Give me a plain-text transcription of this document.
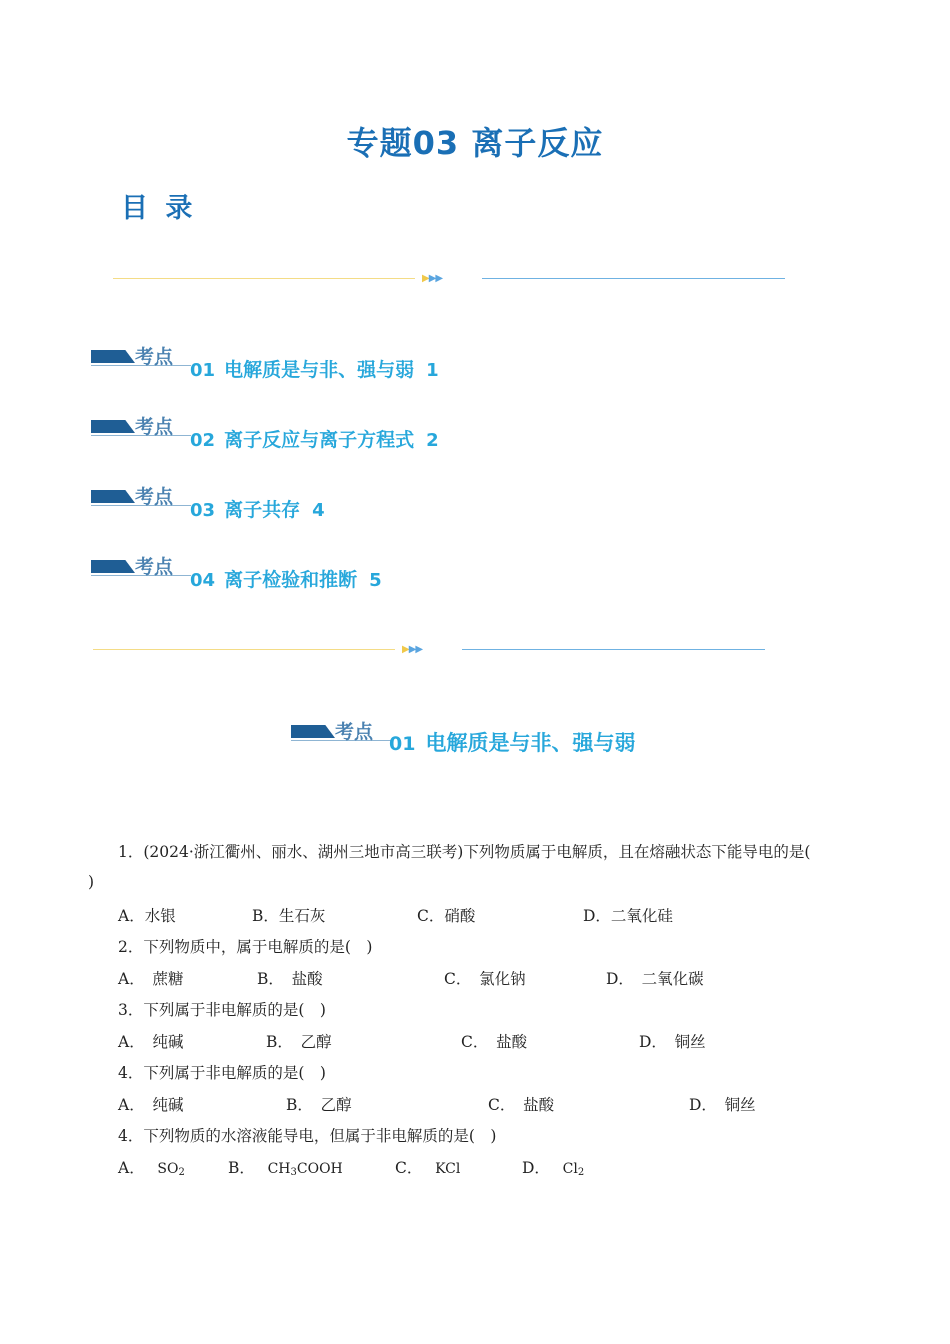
专题03 离子反应
目 录
▶▶▶
考点
01 电解质是与非、强与弱 1
考点
02 离子反应与离子方程式 2
考点
03 离子共存 4
考点
04 离子检验和推断 5
▶▶▶
考点
01 电解质是与非、强与弱
1．(2024·浙江衢州、丽水、湖州三地市高三联考)下列物质属于电解质，且在熔融状态下能导电的是(
)
A．水银	B．生石灰	C．硝酸	D．二氧化硅
2．下列物质中，属于电解质的是(　)
A．　蔗糖	B．　盐酸	C．　氯化钠	D．　二氧化碳
3．下列属于非电解质的是(　)
A．　纯碱	B．　乙醇	C．　盐酸	D．　铜丝
4．下列属于非电解质的是(　)
A．　纯碱	B．　乙醇	C．　盐酸	D．　铜丝
4．下列物质的水溶液能导电，但属于非电解质的是(　)
A．　 $SO_2$	B．　 $CH_3COOH$	C．　 KCl	D．　 $Cl_2$
